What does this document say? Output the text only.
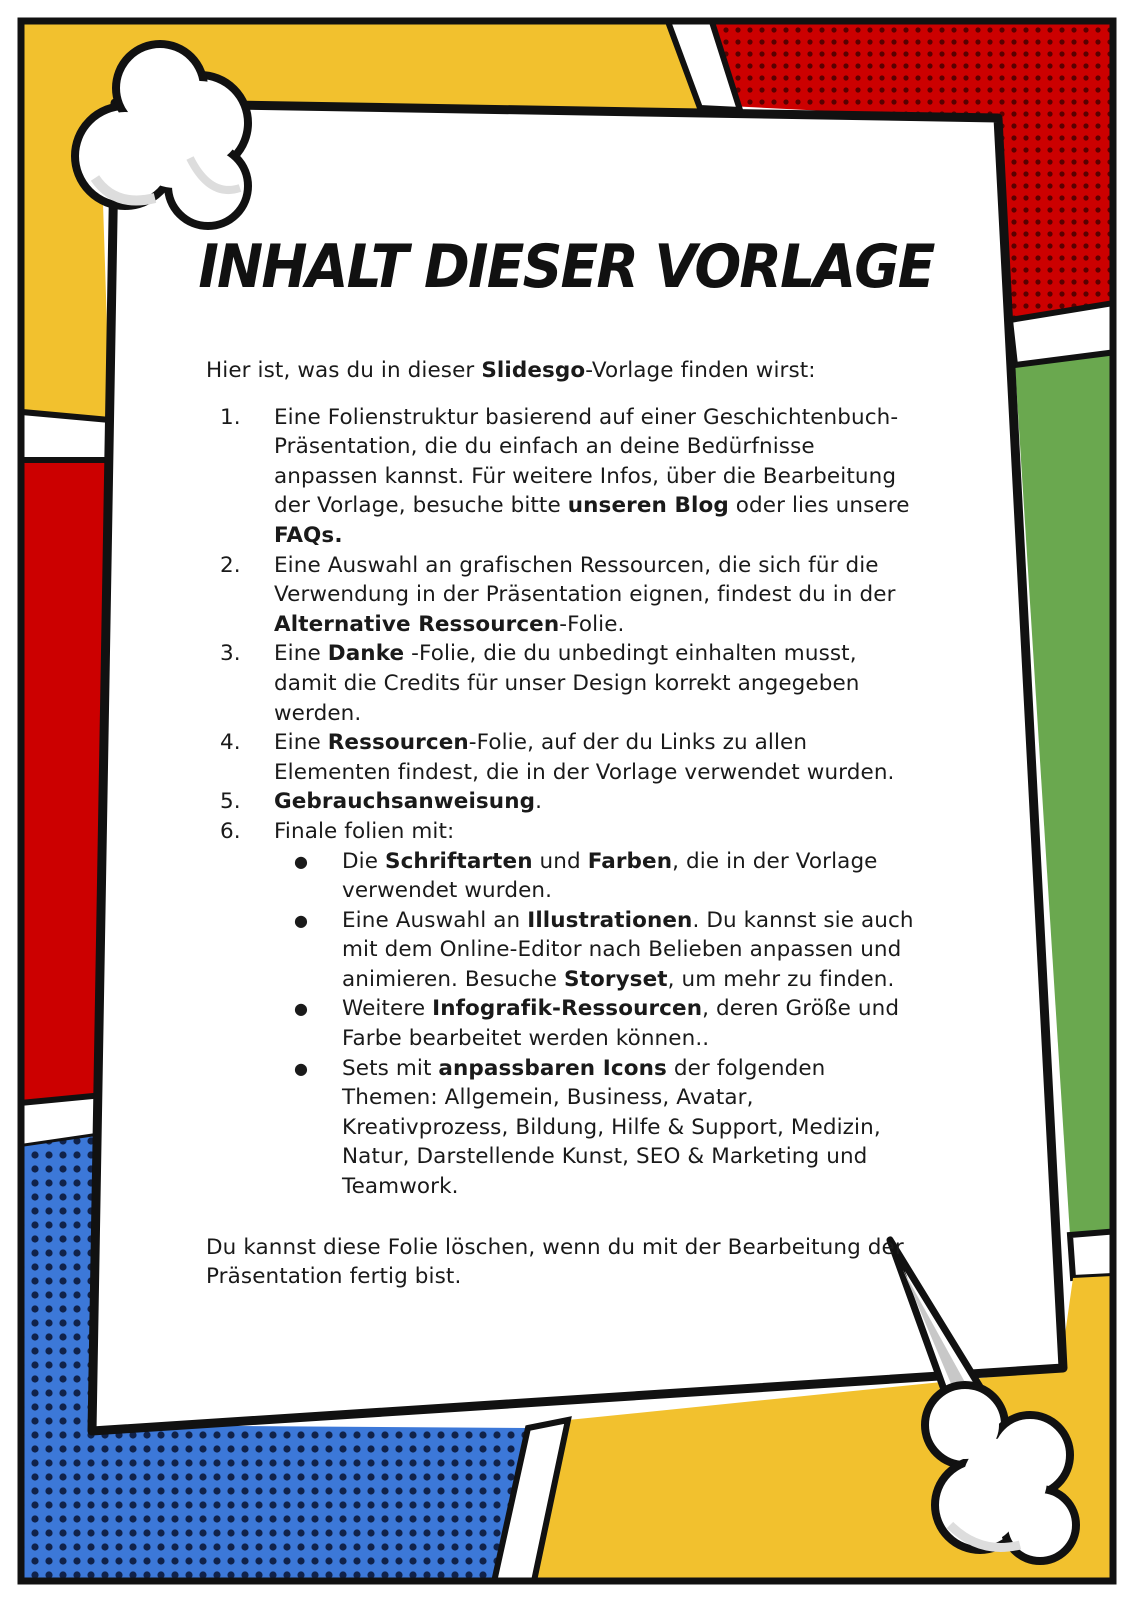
INHALT DIESER VORLAGE

Hier ist, was du in dieser Slidesgo-Vorlage finden wirst:

1. Eine Folienstruktur basierend auf einer Geschichtenbuch-Präsentation, die du einfach an deine Bedürfnisse anpassen kannst. Für weitere Infos, über die Bearbeitung der Vorlage, besuche bitte unseren Blog oder lies unsere FAQs.
2. Eine Auswahl an grafischen Ressourcen, die sich für die Verwendung in der Präsentation eignen, findest du in der Alternative Ressourcen-Folie.
3. Eine Danke -Folie, die du unbedingt einhalten musst, damit die Credits für unser Design korrekt angegeben werden.
4. Eine Ressourcen-Folie, auf der du Links zu allen Elementen findest, die in der Vorlage verwendet wurden.
5. Gebrauchsanweisung.
6. Finale folien mit:
● Die Schriftarten und Farben, die in der Vorlage verwendet wurden.
● Eine Auswahl an Illustrationen. Du kannst sie auch mit dem Online-Editor nach Belieben anpassen und animieren. Besuche Storyset, um mehr zu finden.
● Weitere Infografik-Ressourcen, deren Größe und Farbe bearbeitet werden können..
● Sets mit anpassbaren Icons der folgenden Themen: Allgemein, Business, Avatar, Kreativprozess, Bildung, Hilfe & Support, Medizin, Natur, Darstellende Kunst, SEO & Marketing und Teamwork.

Du kannst diese Folie löschen, wenn du mit der Bearbeitung der Präsentation fertig bist.
